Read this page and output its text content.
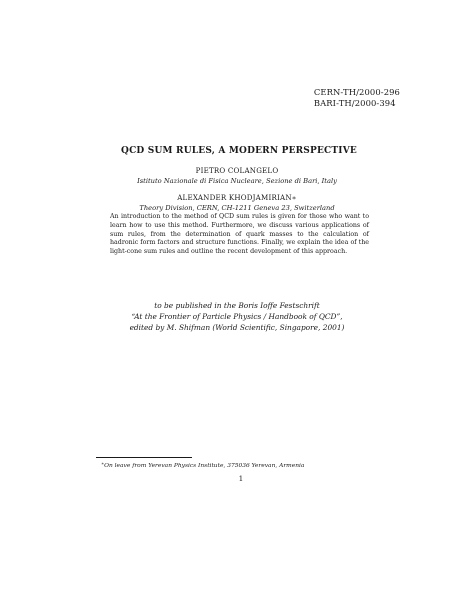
CERN-TH/2000-296
BARI-TH/2000-394
QCD SUM RULES, A MODERN PERSPECTIVE
PIETRO COLANGELO
Istituto Nazionale di Fisica Nucleare, Sezione di Bari, Italy
ALEXANDER KHODJAMIRIAN∗
Theory Division, CERN, CH-1211 Geneva 23, Switzerland

An introduction to the method of QCD sum rules is given for those who want to learn how to use this method. Furthermore, we discuss various applications of sum rules, from the determination of quark masses to the calculation of hadronic form factors and structure functions. Finally, we explain the idea of the light-cone sum rules and outline the recent development of this approach.

to be published in the Boris Ioffe Festschrift
“At the Frontier of Particle Physics / Handbook of QCD”,
edited by M. Shifman (World Scientific, Singapore, 2001)
∗On leave from Yerevan Physics Institute, 375036 Yerevan, Armenia
1
